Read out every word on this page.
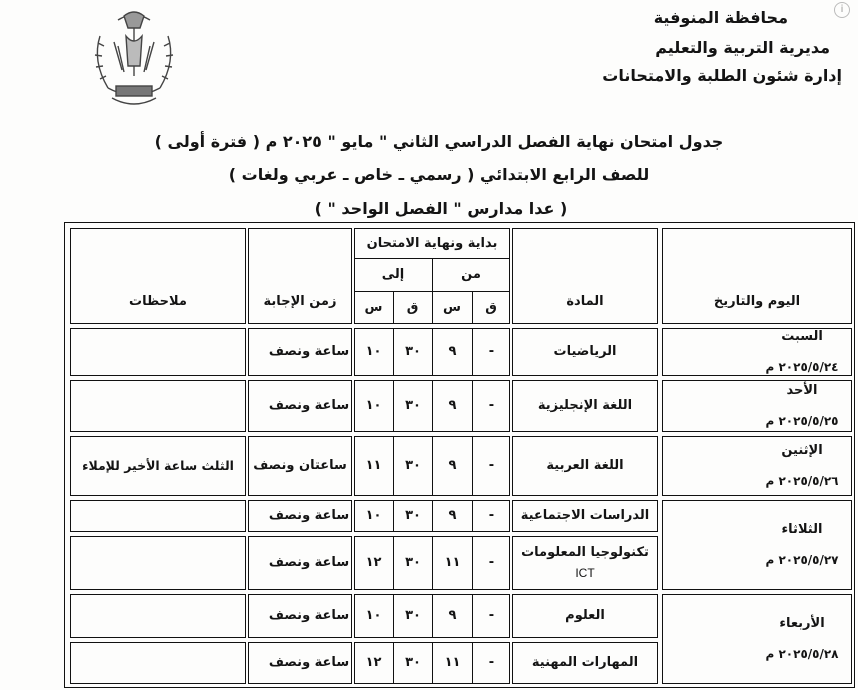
i
محافظة المنوفية
مديرية التربية والتعليم
إدارة شئون الطلبة والامتحانات
جدول امتحان نهاية الفصل الدراسي الثاني " مايو " ٢٠٢٥ م ( فترة أولى )
للصف الرابع الابتدائي ( رسمي ـ خاص ـ عربي ولغات )
( عدا مدارس " الفصل الواحد " )
اليوم والتاريخ
المادة
بداية ونهاية الامتحان
من
إلى
ق
س
ق
س
زمن الإجابة
ملاحظات
السبت
٢٠٢٥/٥/٢٤ م
الأحد
٢٠٢٥/٥/٢٥ م
الإثنين
٢٠٢٥/٥/٢٦ م
الثلاثاء
٢٠٢٥/٥/٢٧ م
الأربعاء
٢٠٢٥/٥/٢٨ م
الرياضيات
-
٩
٣٠
١٠
ساعة ونصف
اللغة الإنجليزية
-
٩
٣٠
١٠
ساعة ونصف
اللغة العربية
-
٩
٣٠
١١
ساعتان ونصف
الثلث ساعة الأخير للإملاء
الدراسات الاجتماعية
-
٩
٣٠
١٠
ساعة ونصف
تكنولوجيا المعلومات
ICT
-
١١
٣٠
١٢
ساعة ونصف
العلوم
-
٩
٣٠
١٠
ساعة ونصف
المهارات المهنية
-
١١
٣٠
١٢
ساعة ونصف
